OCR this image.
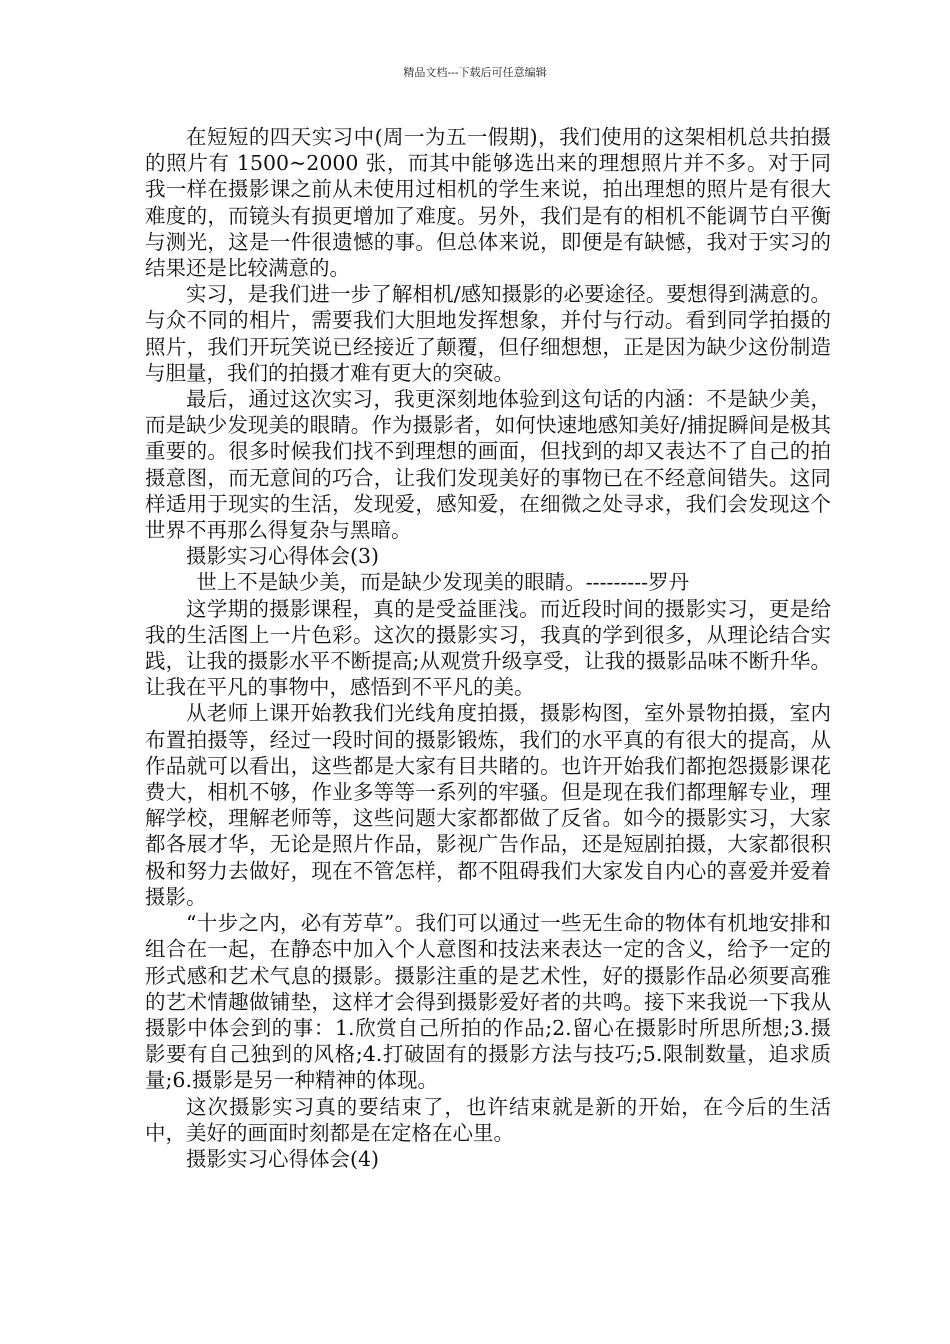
精品文档---下载后可任意编辑

在短短的四天实习中(周一为五一假期)，我们使用的这架相机总共拍摄的照片有 1500~2000 张，而其中能够选出来的理想照片并不多。对于同我一样在摄影课之前从未使用过相机的学生来说，拍出理想的照片是有很大难度的，而镜头有损更增加了难度。另外，我们是有的相机不能调节白平衡与测光，这是一件很遗憾的事。但总体来说，即便是有缺憾，我对于实习的结果还是比较满意的。

实习，是我们进一步了解相机/感知摄影的必要途径。要想得到满意的。与众不同的相片，需要我们大胆地发挥想象，并付与行动。看到同学拍摄的照片，我们开玩笑说已经接近了颠覆，但仔细想想，正是因为缺少这份制造与胆量，我们的拍摄才难有更大的突破。

最后，通过这次实习，我更深刻地体验到这句话的内涵：不是缺少美，而是缺少发现美的眼睛。作为摄影者，如何快速地感知美好/捕捉瞬间是极其重要的。很多时候我们找不到理想的画面，但找到的却又表达不了自己的拍摄意图，而无意间的巧合，让我们发现美好的事物已在不经意间错失。这同样适用于现实的生活，发现爱，感知爱，在细微之处寻求，我们会发现这个世界不再那么得复杂与黑暗。

摄影实习心得体会(3)

世上不是缺少美，而是缺少发现美的眼睛。---------罗丹

这学期的摄影课程，真的是受益匪浅。而近段时间的摄影实习，更是给我的生活图上一片色彩。这次的摄影实习，我真的学到很多，从理论结合实践，让我的摄影水平不断提高;从观赏升级享受，让我的摄影品味不断升华。让我在平凡的事物中，感悟到不平凡的美。

从老师上课开始教我们光线角度拍摄，摄影构图，室外景物拍摄，室内布置拍摄等，经过一段时间的摄影锻炼，我们的水平真的有很大的提高，从作品就可以看出，这些都是大家有目共睹的。也许开始我们都抱怨摄影课花费大，相机不够，作业多等等一系列的牢骚。但是现在我们都理解专业，理解学校，理解老师等，这些问题大家都都做了反省。如今的摄影实习，大家都各展才华，无论是照片作品，影视广告作品，还是短剧拍摄，大家都很积极和努力去做好，现在不管怎样，都不阻碍我们大家发自内心的喜爱并爱着摄影。

“十步之内，必有芳草”。我们可以通过一些无生命的物体有机地安排和组合在一起，在静态中加入个人意图和技法来表达一定的含义，给予一定的形式感和艺术气息的摄影。摄影注重的是艺术性，好的摄影作品必须要高雅的艺术情趣做铺垫，这样才会得到摄影爱好者的共鸣。接下来我说一下我从摄影中体会到的事：1.欣赏自己所拍的作品;2.留心在摄影时所思所想;3.摄影要有自己独到的风格;4.打破固有的摄影方法与技巧;5.限制数量，追求质量;6.摄影是另一种精神的体现。

这次摄影实习真的要结束了，也许结束就是新的开始，在今后的生活中，美好的画面时刻都是在定格在心里。

摄影实习心得体会(4)
